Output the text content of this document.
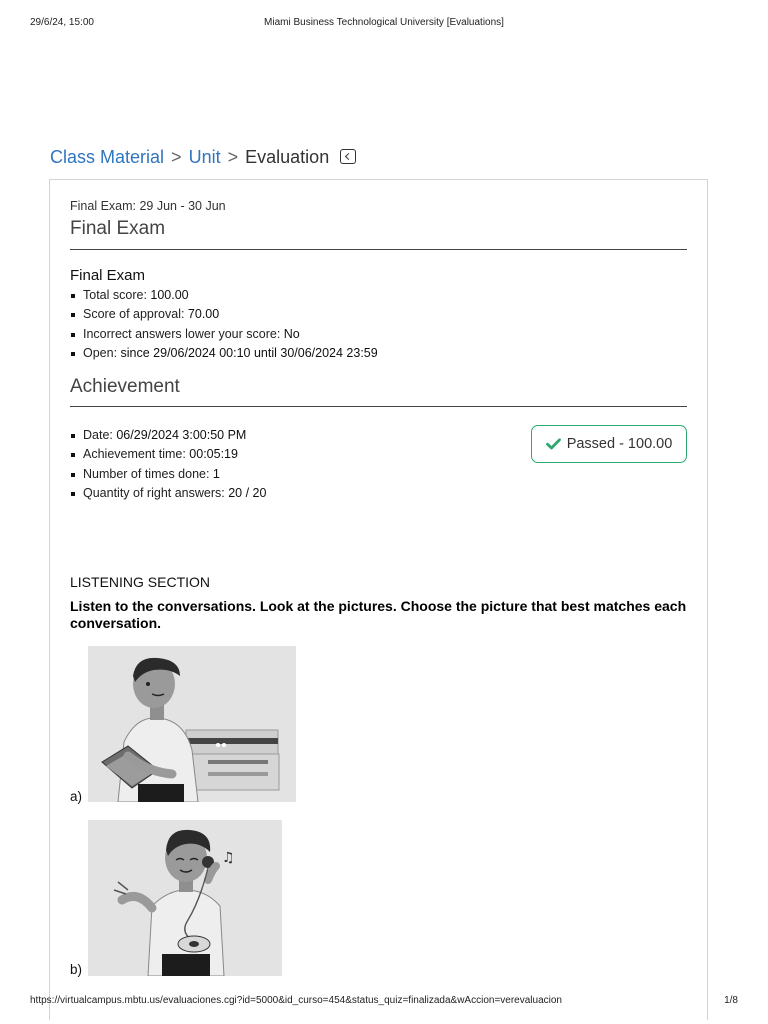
29/6/24, 15:00	Miami Business Technological University [Evaluations]
Class Material > Unit > Evaluation
Final Exam: 29 Jun - 30 Jun
Final Exam
Final Exam
Total score: 100.00
Score of approval: 70.00
Incorrect answers lower your score: No
Open: since 29/06/2024 00:10 until 30/06/2024 23:59
Achievement
Date: 06/29/2024 3:00:50 PM
Achievement time: 00:05:19
Number of times done: 1
Quantity of right answers: 20 / 20
Passed - 100.00
LISTENING SECTION
Listen to the conversations. Look at the pictures. Choose the picture that best matches each conversation.
a)
b)
♫
https://virtualcampus.mbtu.us/evaluaciones.cgi?id=5000&id_curso=454&status_quiz=finalizada&wAccion=verevaluacion	1/8
